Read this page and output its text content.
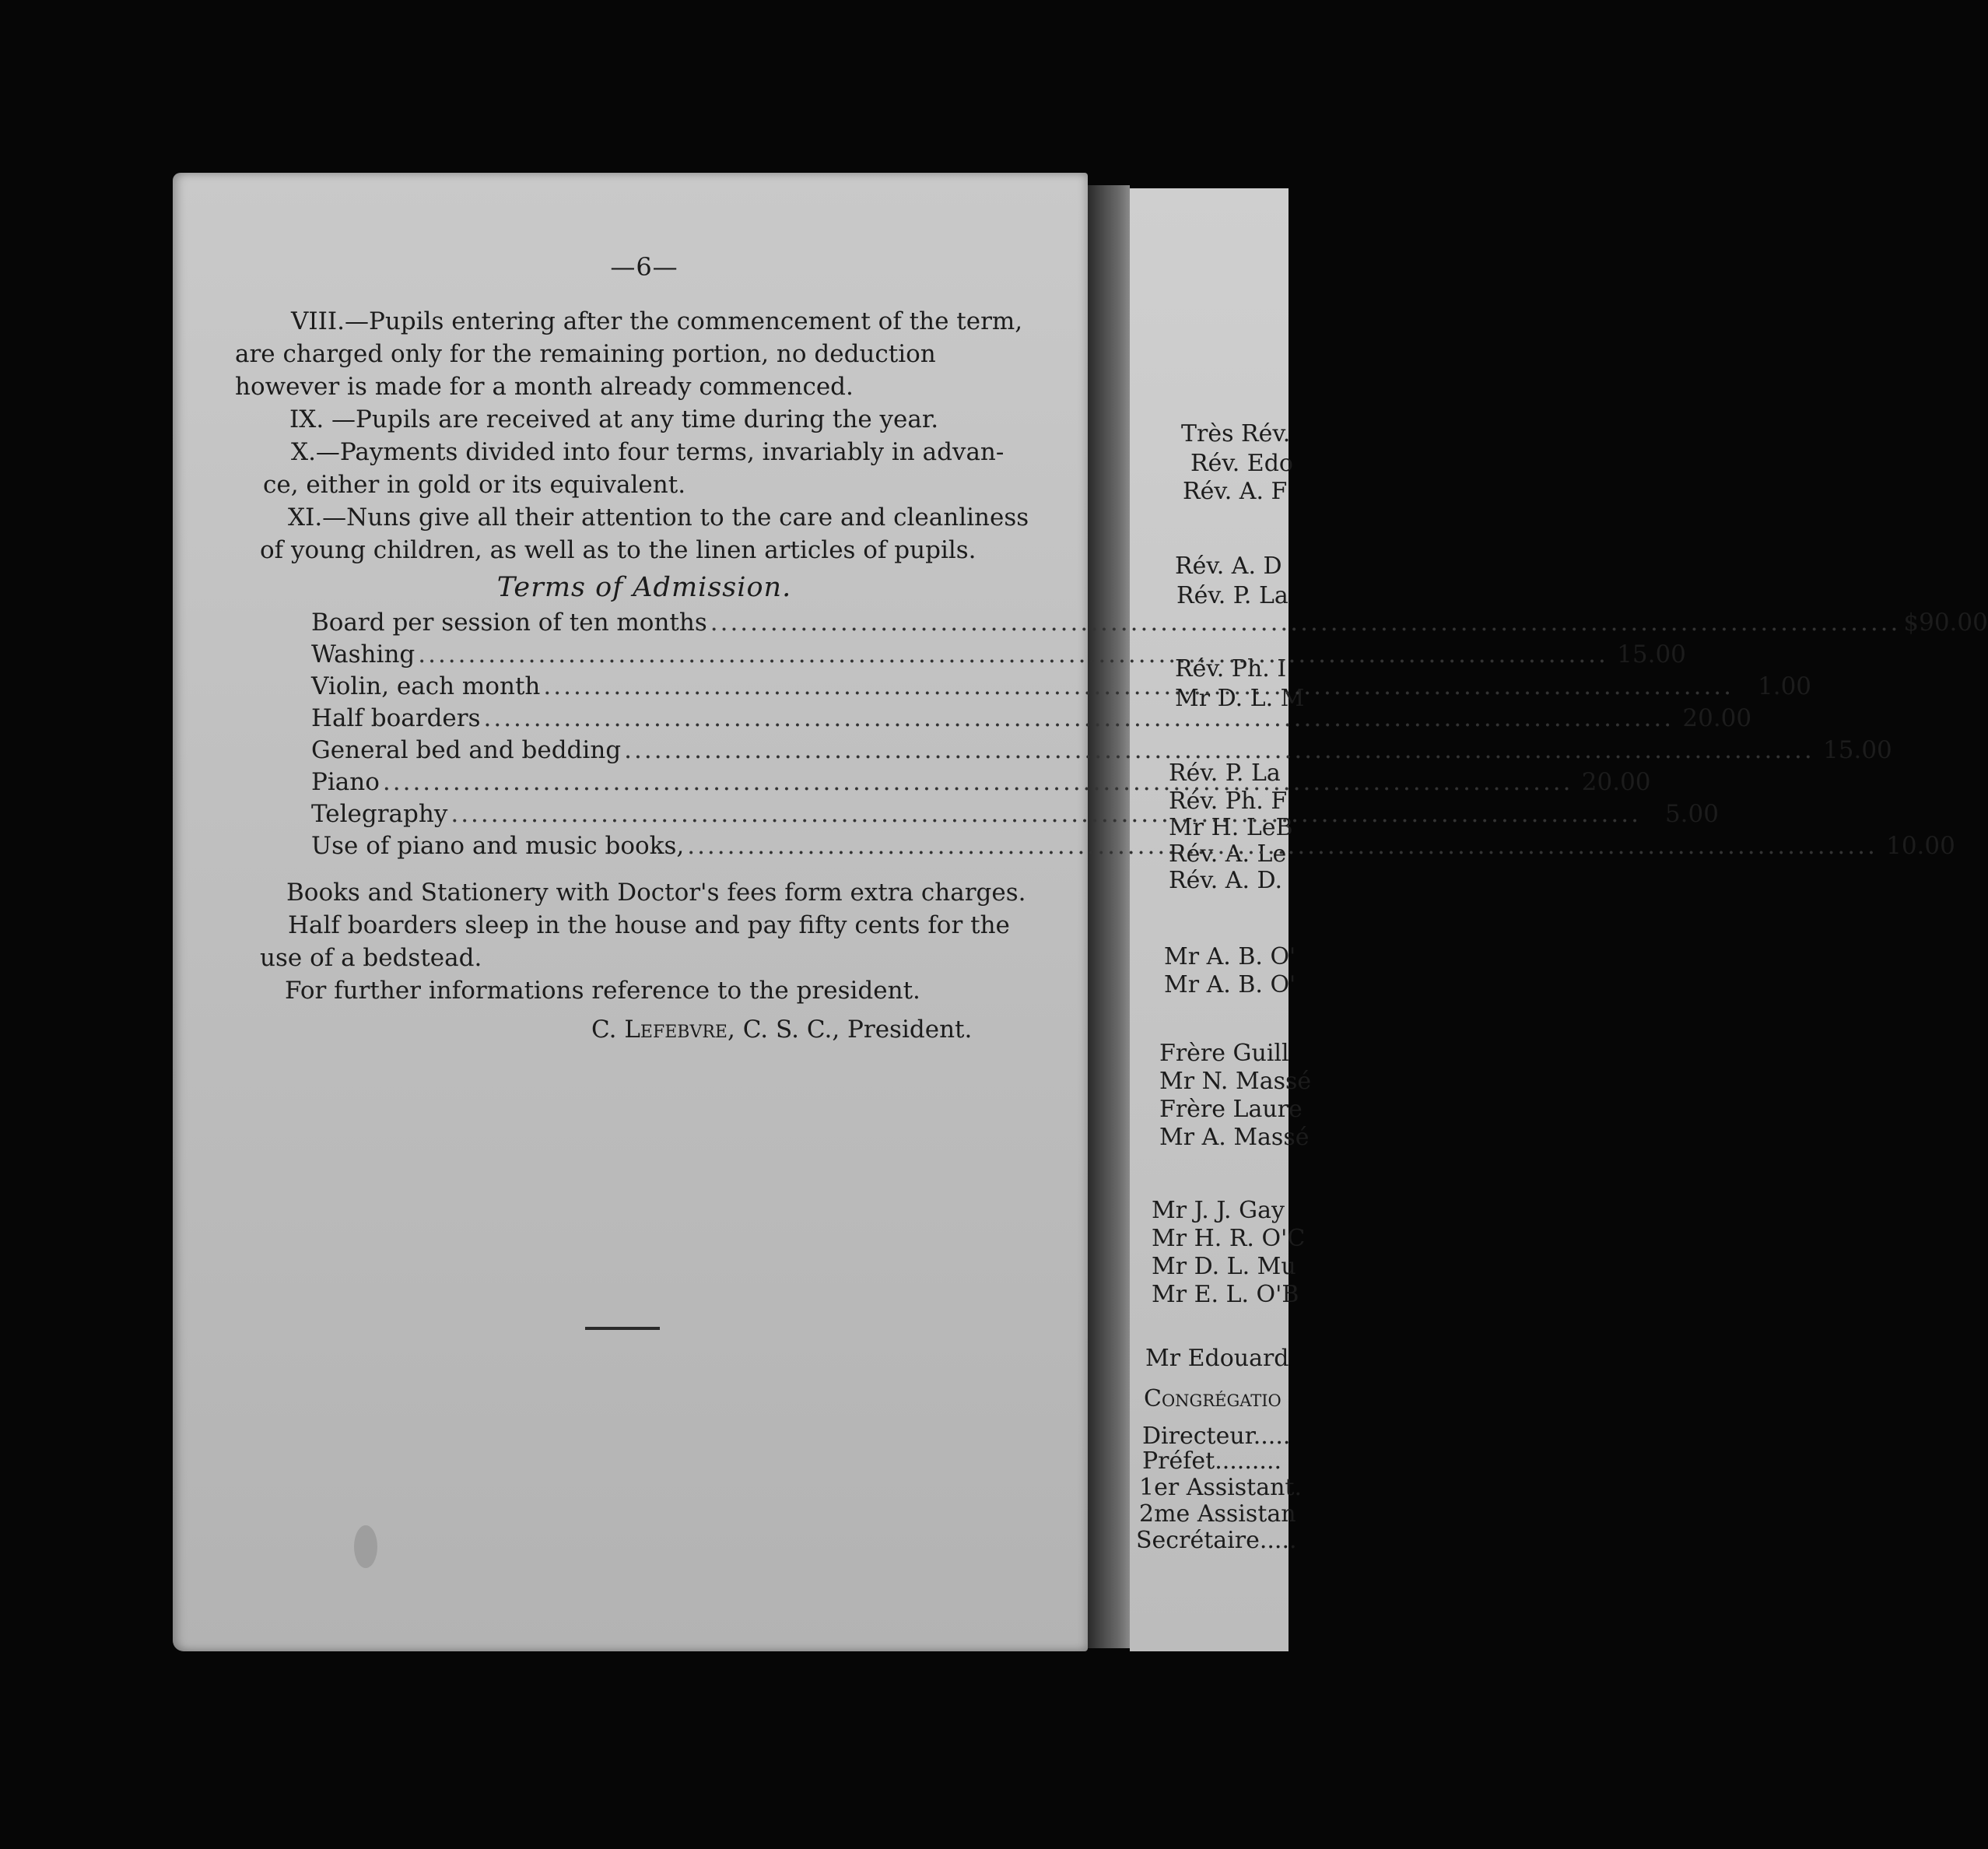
Très Rév.
Rév. Edo
Rév. A. F
Rév. A. D
Rév. P. La
Rév. Ph. I
Mr D. L. M
Rév. P. La
Rév. Ph. F
Mr H. LeB
Rév. A. Le
Rév. A. D.
Mr A. B. O'
Mr A. B. O'
Frère Guill
Mr N. Massé
Frère Laure
Mr A. Massé
Mr J. J. Gay
Mr H. R. O'C
Mr D. L. Mu
Mr E. L. O'B
Mr Edouard
Congrégatio
Directeur.....
Préfet.........
1er Assistant.
2me Assistan
Secrétaire.....
—6—
VIII.—Pupils entering after the commencement of the term,
are charged only for the remaining portion, no deduction
however is made for a month already commenced.
IX. —Pupils are received at any time during the year.
X.—Payments divided into four terms, invariably in advan-
ce, either in gold or its equivalent.
XI.—Nuns give all their attention to the care and cleanliness
of young children, as well as to the linen articles of pupils.
Terms of Admission.
Board per session of ten months .....	$90.00
Washing .....	15.00
Violin, each month .....	1.00
Half boarders .....	20.00
General bed and bedding .....	15.00
Piano .....	20.00
Telegraphy .....	5.00
Use of piano and music books, .....	10.00
Books and Stationery with Doctor's fees form extra charges.
Half boarders sleep in the house and pay fifty cents for the
use of a bedstead.
For further informations reference to the president.
C. Lefebvre, C. S. C., President.
